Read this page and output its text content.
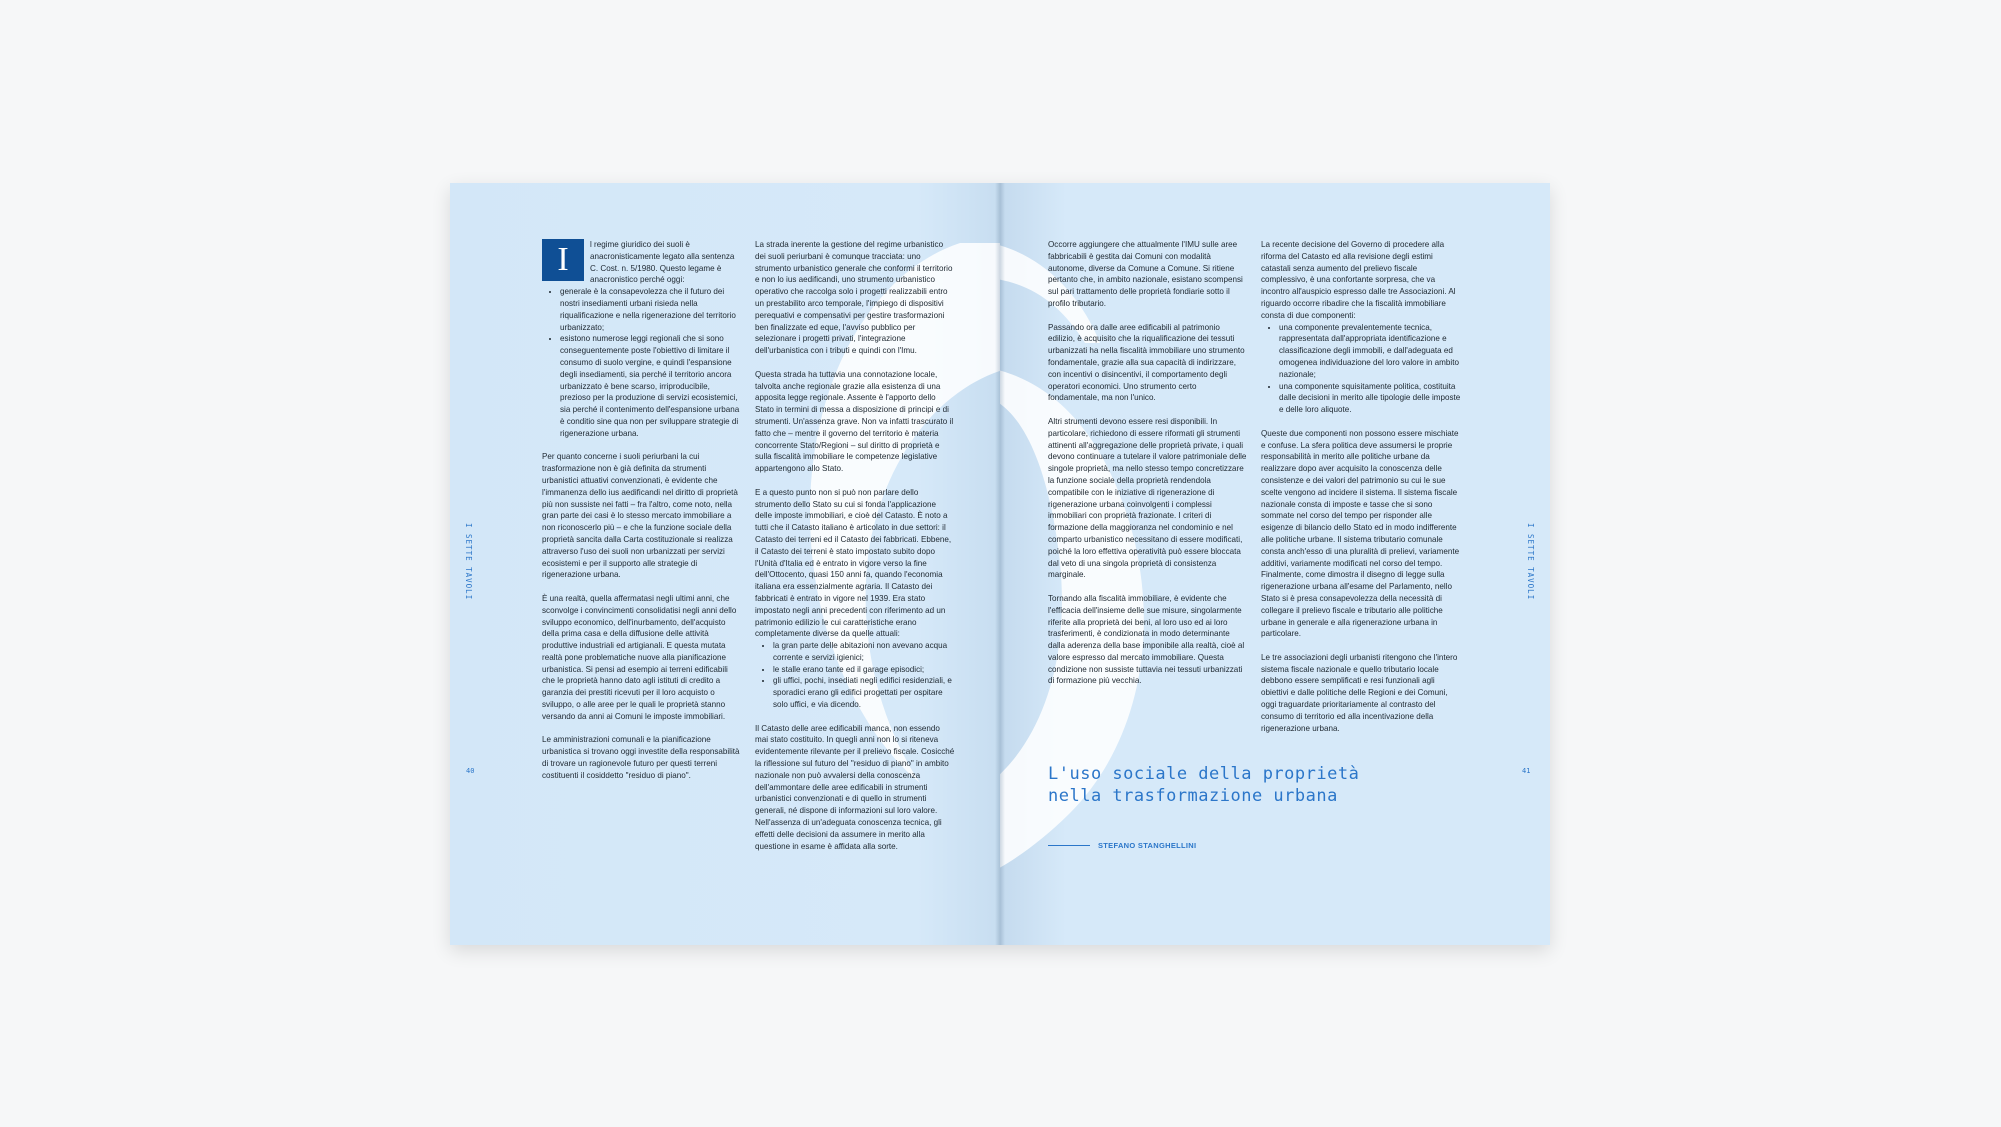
I SETTE TAVOLI
40
I	l regime giuridico dei suoli è anacronisticamente legato alla sentenza C. Cost. n. 5/1980. Questo legame è anacronistico perché oggi:
• generale è la consapevolezza che il futuro dei nostri insediamenti urbani risieda nella riqualificazione e nella rigenerazione del territorio urbanizzato;
• esistono numerose leggi regionali che si sono conseguentemente poste l'obiettivo di limitare il consumo di suolo vergine, e quindi l'espansione degli insediamenti, sia perché il territorio ancora urbanizzato è bene scarso, irriproducibile, prezioso per la produzione di servizi ecosistemici, sia perché il contenimento dell'espansione urbana è conditio sine qua non per sviluppare strategie di rigenerazione urbana.

Per quanto concerne i suoli periurbani la cui trasformazione non è già definita da strumenti urbanistici attuativi convenzionati, è evidente che l'immanenza dello ius aedificandi nel diritto di proprietà più non sussiste nei fatti – fra l'altro, come noto, nella gran parte dei casi è lo stesso mercato immobiliare a non riconoscerlo più – e che la funzione sociale della proprietà sancita dalla Carta costituzionale si realizza attraverso l'uso dei suoli non urbanizzati per servizi ecosistemi e per il supporto alle strategie di rigenerazione urbana.

È una realtà, quella affermatasi negli ultimi anni, che sconvolge i convincimenti consolidatisi negli anni dello sviluppo economico, dell'inurbamento, dell'acquisto della prima casa e della diffusione delle attività produttive industriali ed artigianali. E questa mutata realtà pone problematiche nuove alla pianificazione urbanistica. Si pensi ad esempio ai terreni edificabili che le proprietà hanno dato agli istituti di credito a garanzia dei prestiti ricevuti per il loro acquisto o sviluppo, o alle aree per le quali le proprietà stanno versando da anni ai Comuni le imposte immobiliari.

Le amministrazioni comunali e la pianificazione urbanistica si trovano oggi investite della responsabilità di trovare un ragionevole futuro per questi terreni costituenti il cosiddetto "residuo di piano".

La strada inerente la gestione del regime urbanistico dei suoli periurbani è comunque tracciata: uno strumento urbanistico generale che conformi il territorio e non lo ius aedificandi, uno strumento urbanistico operativo che raccolga solo i progetti realizzabili entro un prestabilito arco temporale, l'impiego di dispositivi perequativi e compensativi per gestire trasformazioni ben finalizzate ed eque, l'avviso pubblico per selezionare i progetti privati, l'integrazione dell'urbanistica con i tributi e quindi con l'Imu.

Questa strada ha tuttavia una connotazione locale, talvolta anche regionale grazie alla esistenza di una apposita legge regionale. Assente è l'apporto dello Stato in termini di messa a disposizione di principi e di strumenti. Un'assenza grave. Non va infatti trascurato il fatto che – mentre il governo del territorio è materia concorrente Stato/Regioni – sul diritto di proprietà e sulla fiscalità immobiliare le competenze legislative appartengono allo Stato.

E a questo punto non si può non parlare dello strumento dello Stato su cui si fonda l'applicazione delle imposte immobiliari, e cioè del Catasto. È noto a tutti che il Catasto italiano è articolato in due settori: il Catasto dei terreni ed il Catasto dei fabbricati. Ebbene, il Catasto dei terreni è stato impostato subito dopo l'Unità d'Italia ed è entrato in vigore verso la fine dell'Ottocento, quasi 150 anni fa, quando l'economia italiana era essenzialmente agraria. Il Catasto dei fabbricati è entrato in vigore nel 1939. Era stato impostato negli anni precedenti con riferimento ad un patrimonio edilizio le cui caratteristiche erano completamente diverse da quelle attuali:

• la gran parte delle abitazioni non avevano acqua corrente e servizi igienici;
• le stalle erano tante ed il garage episodici;
• gli uffici, pochi, insediati negli edifici residenziali, e sporadici erano gli edifici progettati per ospitare solo uffici, e via dicendo.

Il Catasto delle aree edificabili manca, non essendo mai stato costituito. In quegli anni non lo si riteneva evidentemente rilevante per il prelievo fiscale. Cosicché la riflessione sul futuro del "residuo di piano" in ambito nazionale non può avvalersi della conoscenza dell'ammontare delle aree edificabili in strumenti urbanistici convenzionati e di quello in strumenti generali, né dispone di informazioni sul loro valore. Nell'assenza di un'adeguata conoscenza tecnica, gli effetti delle decisioni da assumere in merito alla questione in esame è affidata alla sorte.

I SETTE TAVOLI
41

Occorre aggiungere che attualmente l'IMU sulle aree fabbricabili è gestita dai Comuni con modalità autonome, diverse da Comune a Comune. Si ritiene pertanto che, in ambito nazionale, esistano scompensi sul pari trattamento delle proprietà fondiarie sotto il profilo tributario.

Passando ora dalle aree edificabili al patrimonio edilizio, è acquisito che la riqualificazione dei tessuti urbanizzati ha nella fiscalità immobiliare uno strumento fondamentale, grazie alla sua capacità di indirizzare, con incentivi o disincentivi, il comportamento degli operatori economici. Uno strumento certo fondamentale, ma non l'unico.

Altri strumenti devono essere resi disponibili. In particolare, richiedono di essere riformati gli strumenti attinenti all'aggregazione delle proprietà private, i quali devono continuare a tutelare il valore patrimoniale delle singole proprietà, ma nello stesso tempo concretizzare la funzione sociale della proprietà rendendola compatibile con le iniziative di rigenerazione di rigenerazione urbana coinvolgenti i complessi immobiliari con proprietà frazionate. I criteri di formazione della maggioranza nel condominio e nel comparto urbanistico necessitano di essere modificati, poiché la loro effettiva operatività può essere bloccata dal veto di una singola proprietà di consistenza marginale.

Tornando alla fiscalità immobiliare, è evidente che l'efficacia dell'insieme delle sue misure, singolarmente riferite alla proprietà dei beni, al loro uso ed ai loro trasferimenti, è condizionata in modo determinante dalla aderenza della base imponibile alla realtà, cioè al valore espresso dal mercato immobiliare. Questa condizione non sussiste tuttavia nei tessuti urbanizzati di formazione più vecchia.

La recente decisione del Governo di procedere alla riforma del Catasto ed alla revisione degli estimi catastali senza aumento del prelievo fiscale complessivo, è una confortante sorpresa, che va incontro all'auspicio espresso dalle tre Associazioni. Al riguardo occorre ribadire che la fiscalità immobiliare consta di due componenti:

• una componente prevalentemente tecnica, rappresentata dall'appropriata identificazione e classificazione degli immobili, e dall'adeguata ed omogenea individuazione del loro valore in ambito nazionale;
• una componente squisitamente politica, costituita dalle decisioni in merito alle tipologie delle imposte e delle loro aliquote.

Queste due componenti non possono essere mischiate e confuse. La sfera politica deve assumersi le proprie responsabilità in merito alle politiche urbane da realizzare dopo aver acquisito la conoscenza delle consistenze e dei valori del patrimonio su cui le sue scelte vengono ad incidere il sistema. Il sistema fiscale nazionale consta di imposte e tasse che si sono sommate nel corso del tempo per risponder alle esigenze di bilancio dello Stato ed in modo indifferente alle politiche urbane. Il sistema tributario comunale consta anch'esso di una pluralità di prelievi, variamente additivi, variamente modificati nel corso del tempo. Finalmente, come dimostra il disegno di legge sulla rigenerazione urbana all'esame del Parlamento, nello Stato si è presa consapevolezza della necessità di collegare il prelievo fiscale e tributario alle politiche urbane in generale e alla rigenerazione urbana in particolare.

Le tre associazioni degli urbanisti ritengono che l'intero sistema fiscale nazionale e quello tributario locale debbono essere semplificati e resi funzionali agli obiettivi e dalle politiche delle Regioni e dei Comuni, oggi traguardate prioritariamente al contrasto del consumo di territorio ed alla incentivazione della rigenerazione urbana.

L'uso sociale della proprietà nella trasformazione urbana
STEFANO STANGHELLINI
